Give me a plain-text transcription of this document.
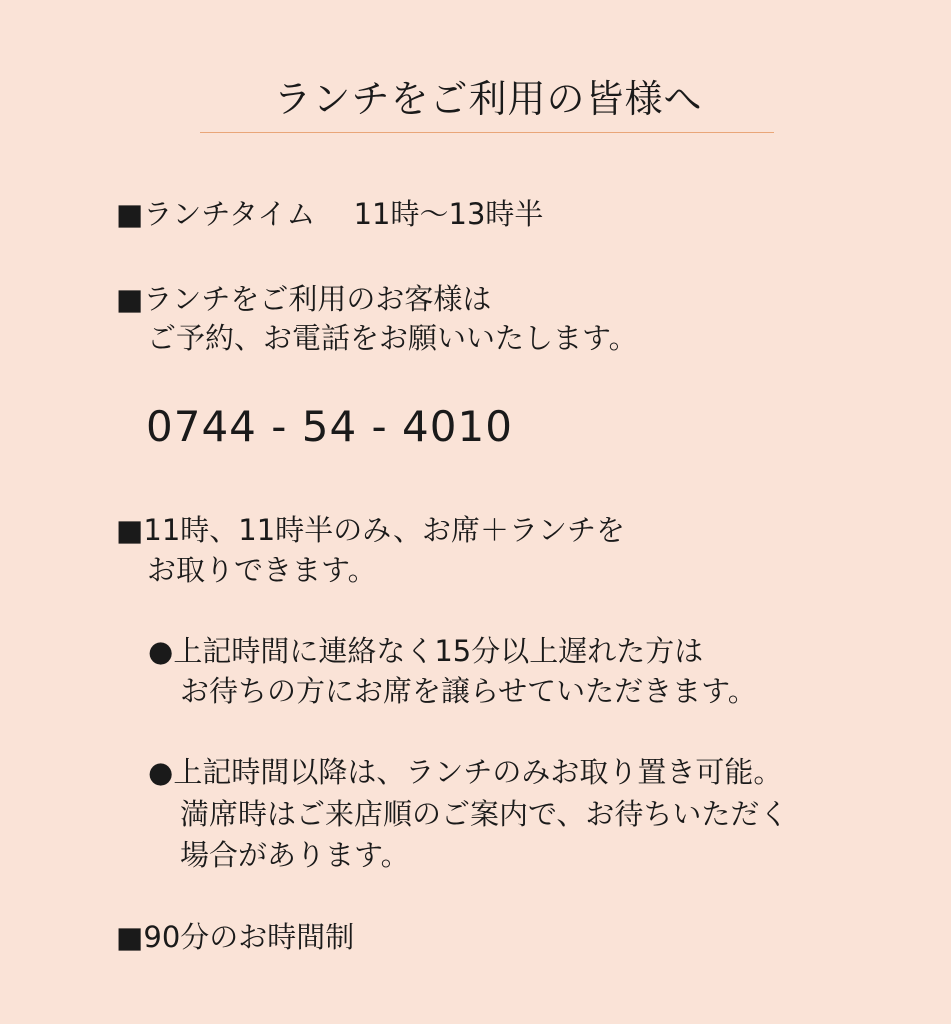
ランチをご利用の皆様へ
■ランチタイム　 11時～13時半
■ランチをご利用のお客様は
ご予約、お電話をお願いいたします。
0744 - 54 - 4010
■11時、11時半のみ、お席＋ランチを
お取りできます。
●上記時間に連絡なく15分以上遅れた方は
お待ちの方にお席を譲らせていただきます。
●上記時間以降は、ランチのみお取り置き可能。
満席時はご来店順のご案内で、お待ちいただく
場合があります。
■90分のお時間制
